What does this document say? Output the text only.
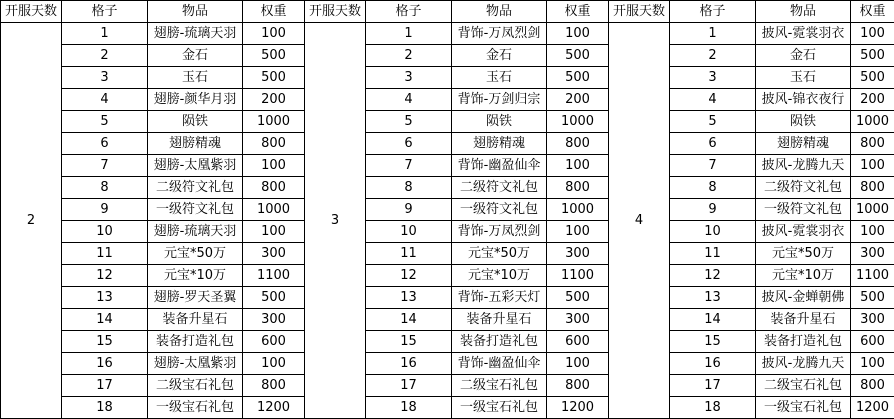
开服天数	格子	物品	权重	开服天数	格子	物品	权重	开服天数	格子	物品	权重
2	1	翅膀-琉璃天羽	100	3	1	背饰-万凤烈剑	100	4	1	披风-霓裳羽衣	100
	2	金石	500		2	金石	500		2	金石	500
	3	玉石	500		3	玉石	500		3	玉石	500
	4	翅膀-颜华月羽	200		4	背饰-万剑归宗	200		4	披风-锦衣夜行	200
	5	陨铁	1000		5	陨铁	1000		5	陨铁	1000
	6	翅膀精魂	800		6	翅膀精魂	800		6	翅膀精魂	800
	7	翅膀-太凰紫羽	100		7	背饰-幽盈仙伞	100		7	披风-龙腾九天	100
	8	二级符文礼包	800		8	二级符文礼包	800		8	二级符文礼包	800
	9	一级符文礼包	1000		9	一级符文礼包	1000		9	一级符文礼包	1000
	10	翅膀-琉璃天羽	100		10	背饰-万凤烈剑	100		10	披风-霓裳羽衣	100
	11	元宝*50万	300		11	元宝*50万	300		11	元宝*50万	300
	12	元宝*10万	1100		12	元宝*10万	1100		12	元宝*10万	1100
	13	翅膀-罗天圣翼	500		13	背饰-五彩天灯	500		13	披风-金蝉朝佛	500
	14	装备升星石	300		14	装备升星石	300		14	装备升星石	300
	15	装备打造礼包	600		15	装备打造礼包	600		15	装备打造礼包	600
	16	翅膀-太凰紫羽	100		16	背饰-幽盈仙伞	100		16	披风-龙腾九天	100
	17	二级宝石礼包	800		17	二级宝石礼包	800		17	二级宝石礼包	800
	18	一级宝石礼包	1200		18	一级宝石礼包	1200		18	一级宝石礼包	1200
